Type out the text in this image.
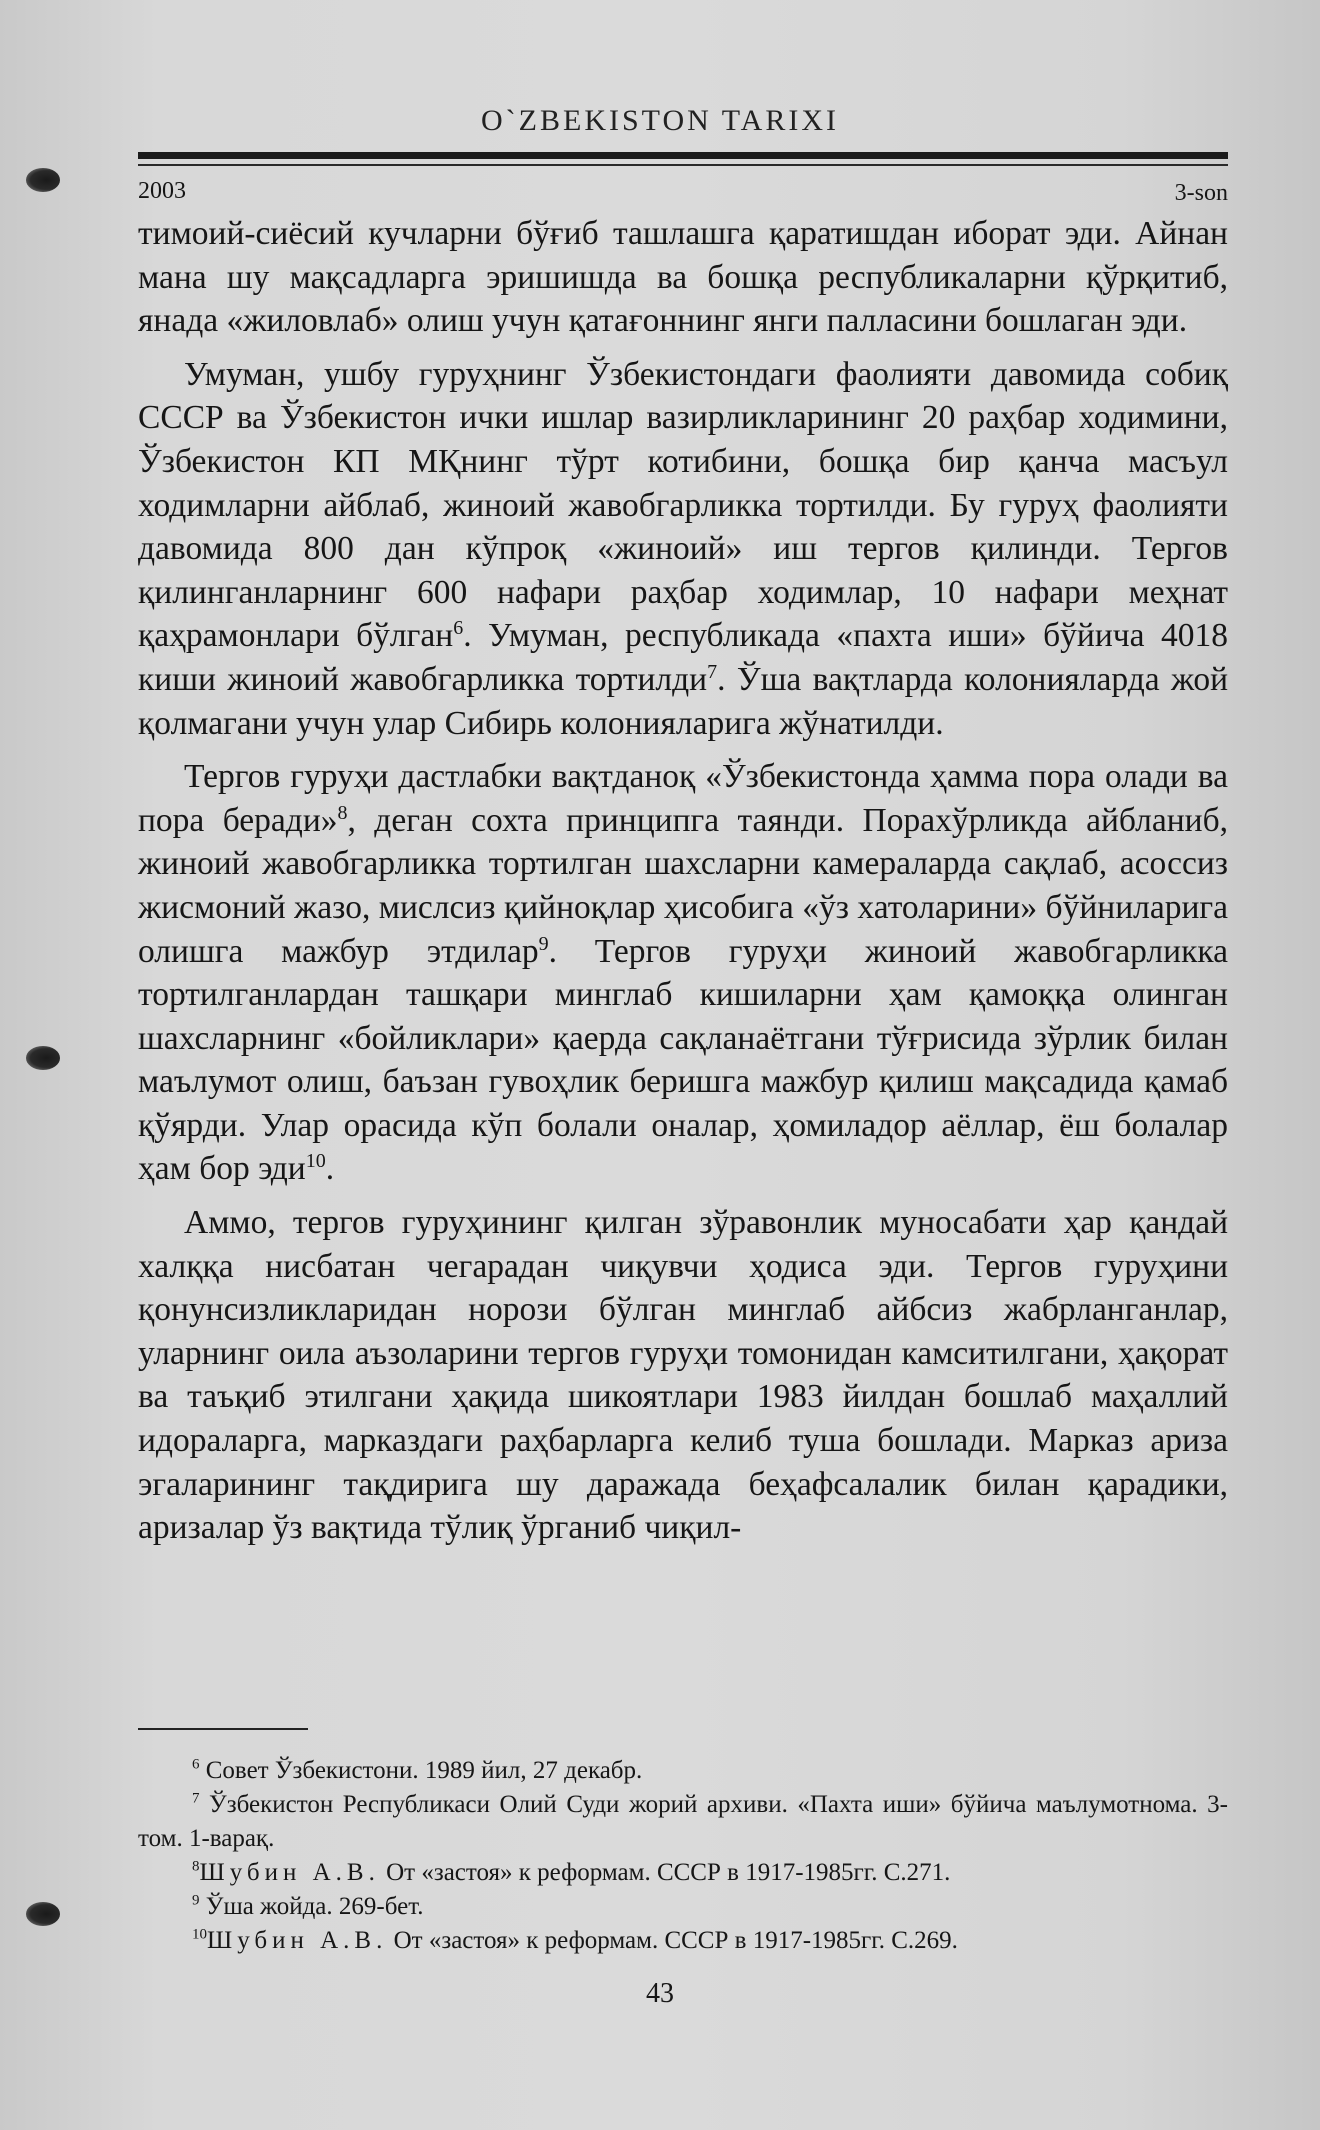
O`ZBEKISTON TARIXI
2003	3-son

тимоий-сиёсий кучларни бўғиб ташлашга қаратишдан иборат эди. Айнан мана шу мақсадларга эришишда ва бошқа республикаларни қўрқитиб, янада «жиловлаб» олиш учун қатағоннинг янги палласини бошлаган эди.

Умуман, ушбу гуруҳнинг Ўзбекистондаги фаолияти давомида собиқ СССР ва Ўзбекистон ички ишлар вазирликларининг 20 раҳбар ходимини, Ўзбекистон КП МҚнинг тўрт котибини, бошқа бир қанча масъул ходимларни айблаб, жиноий жавобгарликка тортилди. Бу гуруҳ фаолияти давомида 800 дан кўпроқ «жиноий» иш тергов қилинди. Тергов қилинганларнинг 600 нафари раҳбар ходимлар, 10 нафари меҳнат қаҳрамонлари бўлган$^6$. Умуман, республикада «пахта иши» бўйича 4018 киши жиноий жавобгарликка тортилди$^7$. Ўша вақтларда колонияларда жой қолмагани учун улар Сибирь колонияларига жўнатилди.

Тергов гуруҳи дастлабки вақтданоқ «Ўзбекистонда ҳамма пора олади ва пора беради»$^8$, деган сохта принципга таянди. Порахўрликда айбланиб, жиноий жавобгарликка тортилган шахсларни камераларда сақлаб, асоссиз жисмоний жазо, мислсиз қийноқлар ҳисобига «ўз хатоларини» бўйниларига олишга мажбур этдилар$^9$. Тергов гуруҳи жиноий жавобгарликка тортилганлардан ташқари минглаб кишиларни ҳам қамоққа олинган шахсларнинг «бойликлари» қаерда сақланаётгани тўғрисида зўрлик билан маълумот олиш, баъзан гувоҳлик беришга мажбур қилиш мақсадида қамаб қўярди. Улар орасида кўп болали оналар, ҳомиладор аёллар, ёш болалар ҳам бор эди$^{10}$.

Аммо, тергов гуруҳининг қилган зўравонлик муносабати ҳар қандай халққа нисбатан чегарадан чиқувчи ҳодиса эди. Тергов гуруҳини қонунсизликларидан норози бўлган минглаб айбсиз жабрланганлар, уларнинг оила аъзоларини тергов гуруҳи томонидан камситилгани, ҳақорат ва таъқиб этилгани ҳақида шикоятлари 1983 йилдан бошлаб маҳаллий идораларга, марказдаги раҳбарларга келиб туша бошлади. Марказ ариза эгаларининг тақдирига шу даражада беҳафсалалик билан қарадики, аризалар ўз вақтида тўлиқ ўрганиб чиқил-

$^6$ Совет Ўзбекистони. 1989 йил, 27 декабр.
$^7$ Ўзбекистон Республикаси Олий Суди жорий архиви. «Пахта иши» бўйича маълумотнома. 3-том. 1-варақ.
$^8$Шубин А.В. От «застоя» к реформам. СССР в 1917-1985гг. С.271.
$^9$ Ўша жойда. 269-бет.
$^{10}$Шубин А.В. От «застоя» к реформам. СССР в 1917-1985гг. С.269.
43
